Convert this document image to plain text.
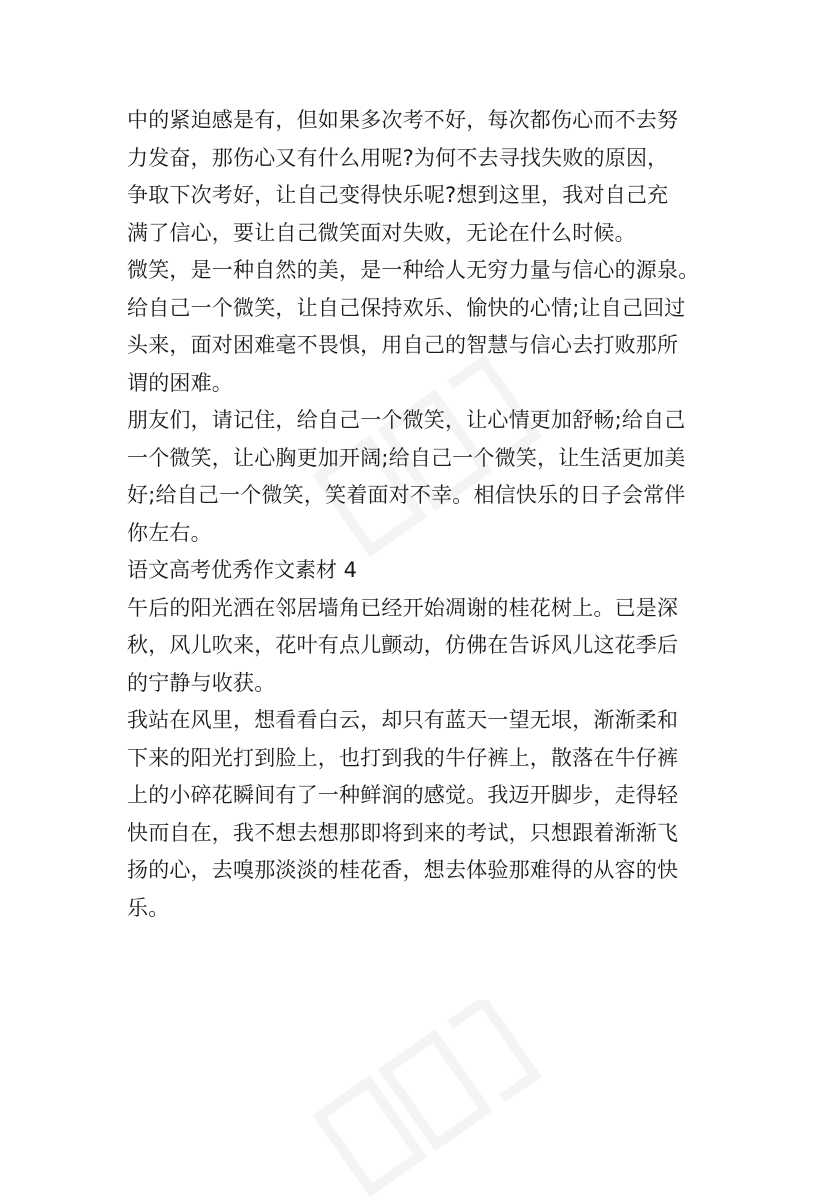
中的紧迫感是有，但如果多次考不好，每次都伤心而不去努
力发奋，那伤心又有什么用呢?为何不去寻找失败的原因，
争取下次考好，让自己变得快乐呢?想到这里，我对自己充
满了信心，要让自己微笑面对失败，无论在什么时候。
微笑，是一种自然的美，是一种给人无穷力量与信心的源泉。
给自己一个微笑，让自己保持欢乐、愉快的心情;让自己回过
头来，面对困难毫不畏惧，用自己的智慧与信心去打败那所
谓的困难。
朋友们，请记住，给自己一个微笑，让心情更加舒畅;给自己
一个微笑，让心胸更加开阔;给自己一个微笑，让生活更加美
好;给自己一个微笑，笑着面对不幸。相信快乐的日子会常伴
你左右。
语文高考优秀作文素材 4
午后的阳光洒在邻居墙角已经开始凋谢的桂花树上。已是深
秋，风儿吹来，花叶有点儿颤动，仿佛在告诉风儿这花季后
的宁静与收获。
我站在风里，想看看白云，却只有蓝天一望无垠，渐渐柔和
下来的阳光打到脸上，也打到我的牛仔裤上，散落在牛仔裤
上的小碎花瞬间有了一种鲜润的感觉。我迈开脚步，走得轻
快而自在，我不想去想那即将到来的考试，只想跟着渐渐飞
扬的心，去嗅那淡淡的桂花香，想去体验那难得的从容的快
乐。
